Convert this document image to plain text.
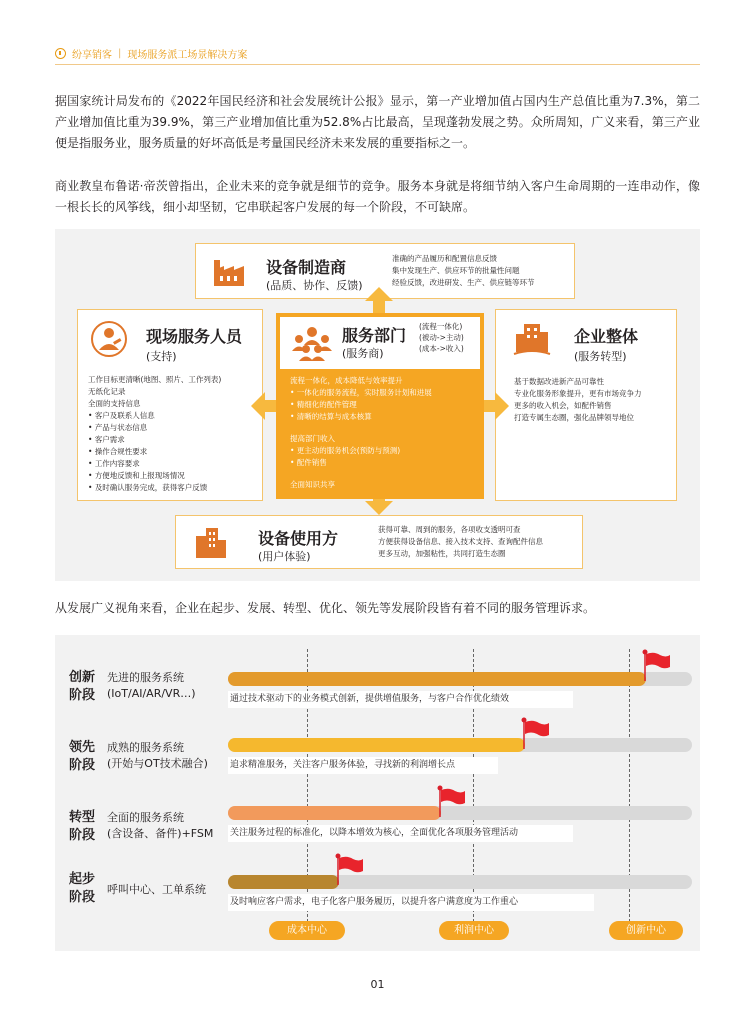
纷享销客 | 现场服务派工场景解决方案

据国家统计局发布的《2022年国民经济和社会发展统计公报》显示，第一产业增加值占国内生产总值比重为7.3%，第二产业增加值比重为39.9%，第三产业增加值比重为52.8%占比最高，呈现蓬勃发展之势。众所周知，广义来看，第三产业便是指服务业，服务质量的好坏高低是考量国民经济未来发展的重要指标之一。

商业教皇布鲁诺·帝茨曾指出，企业未来的竞争就是细节的竞争。服务本身就是将细节纳入客户生命周期的一连串动作，像一根长长的风筝线，细小却坚韧，它串联起客户发展的每一个阶段，不可缺席。

设备制造商
(品质、协作、反馈)
准确的产品履历和配置信息反馈
集中发现生产、供应环节的批量性问题
经验反馈，改进研发、生产、供应链等环节
现场服务人员
(支持)
工作目标更清晰(地图、照片、工作列表)
无纸化记录
全面的支持信息
• 客户及联系人信息
• 产品与状态信息
• 客户需求
• 操作合规性要求
• 工作内容要求
• 方便地反馈和上报现场情况
• 及时确认服务完成，获得客户反馈
企业整体
(服务转型)
基于数据改进新产品可靠性
专业化服务形象提升，更有市场竞争力
更多的收入机会，如配件销售
打造专属生态圈，强化品牌领导地位
服务部门
(服务商)
(流程一体化)
(被动->主动)
(成本->收入)
流程一体化，成本降低与效率提升
• 一体化的服务流程，实时服务计划和进展
• 精细化的配件管理
• 清晰的结算与成本核算
提高部门收入
• 更主动的服务机会(预防与预测)
• 配件销售
全面知识共享
设备使用方
(用户体验)
获得可靠、周到的服务，各项收支透明可查
方便获得设备信息、接入技术支持、查询配件信息
更多互动，加强粘性，共同打造生态圈

从发展广义视角来看，企业在起步、发展、转型、优化、领先等发展阶段皆有着不同的服务管理诉求。

创新
阶段
先进的服务系统
(IoT/AI/AR/VR…)	通过技术驱动下的业务模式创新，提供增值服务，与客户合作优化绩效
领先
阶段
成熟的服务系统
(开始与OT技术融合) 追求精准服务，关注客户服务体验，寻找新的利润增长点
转型
阶段
全面的服务系统
(含设备、备件)+FSM 关注服务过程的标准化，以降本增效为核心，全面优化各项服务管理活动
起步
阶段
呼叫中心、工单系统
及时响应客户需求，电子化客户服务履历，以提升客户满意度为工作重心
成本中心	利润中心	创新中心
01
